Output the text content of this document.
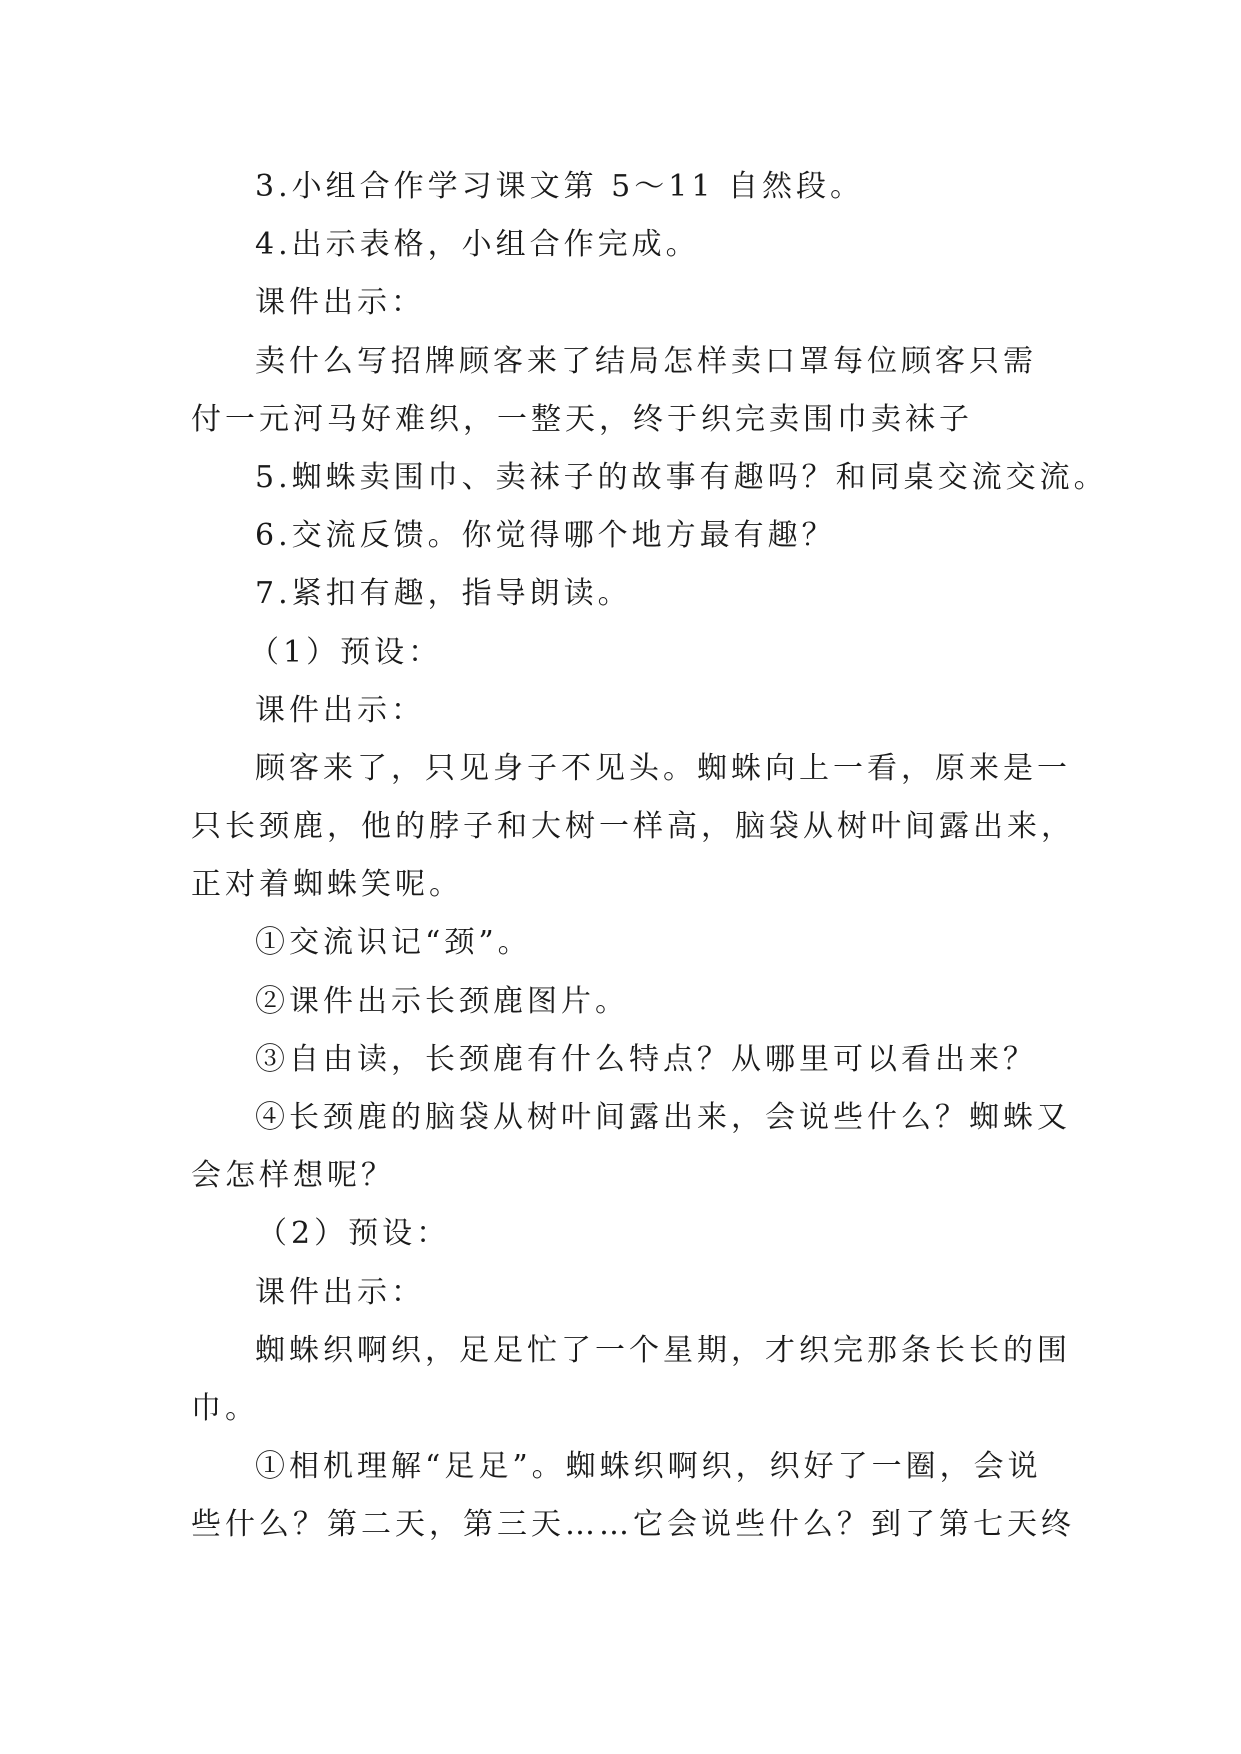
3.小组合作学习课文第 5～11 自然段。
4.出示表格，小组合作完成。
课件出示：
卖什么写招牌顾客来了结局怎样卖口罩每位顾客只需
付一元河马好难织，一整天，终于织完卖围巾卖袜子
5.蜘蛛卖围巾、卖袜子的故事有趣吗？和同桌交流交流。
6.交流反馈。你觉得哪个地方最有趣？
7.紧扣有趣，指导朗读。
（1）预设：
课件出示：
顾客来了，只见身子不见头。蜘蛛向上一看，原来是一
只长颈鹿，他的脖子和大树一样高，脑袋从树叶间露出来，
正对着蜘蛛笑呢。
①交流识记“颈”。
②课件出示长颈鹿图片。
③自由读，长颈鹿有什么特点？从哪里可以看出来？
④长颈鹿的脑袋从树叶间露出来，会说些什么？蜘蛛又
会怎样想呢？
（2）预设：
课件出示：
蜘蛛织啊织，足足忙了一个星期，才织完那条长长的围
巾。
①相机理解“足足”。蜘蛛织啊织，织好了一圈，会说
些什么？第二天，第三天……它会说些什么？到了第七天终
